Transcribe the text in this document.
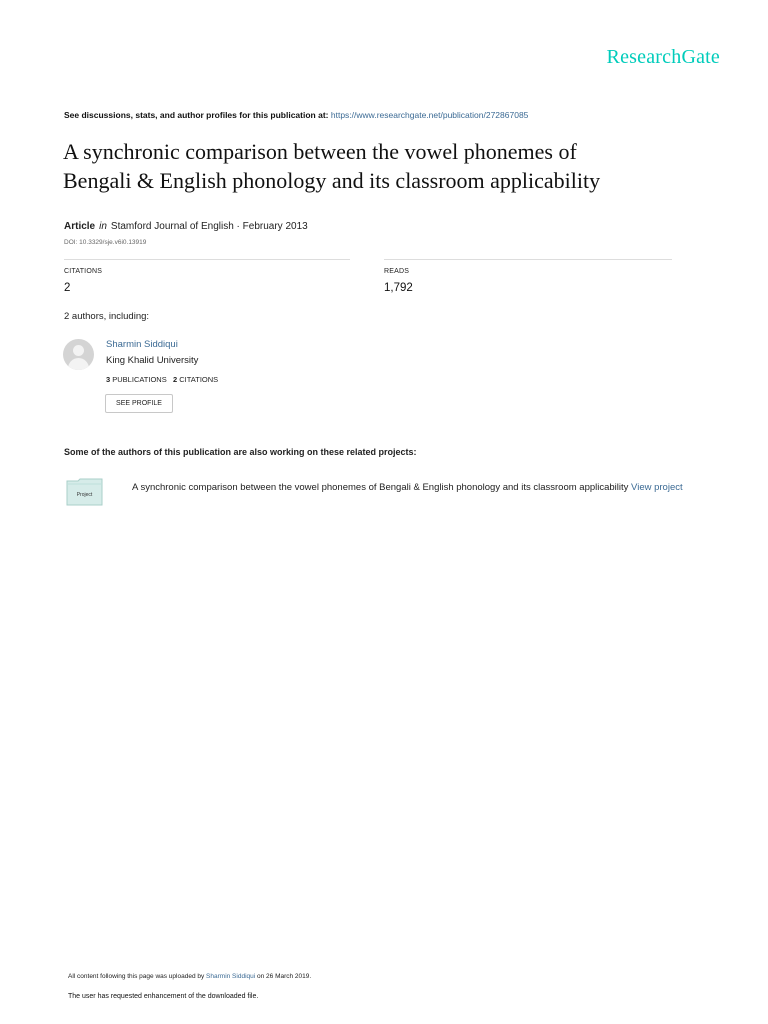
ResearchGate
See discussions, stats, and author profiles for this publication at: https://www.researchgate.net/publication/272867085
A synchronic comparison between the vowel phonemes of
Bengali & English phonology and its classroom applicability
Article in Stamford Journal of English · February 2013
DOI: 10.3329/sje.v6i0.13919
CITATIONS
2
READS
1,792
2 authors, including:
Sharmin Siddiqui
King Khalid University
3 PUBLICATIONS 2 CITATIONS
SEE PROFILE
Some of the authors of this publication are also working on these related projects:
Project
A synchronic comparison between the vowel phonemes of Bengali & English phonology and its classroom applicability View project
All content following this page was uploaded by Sharmin Siddiqui on 26 March 2019.
The user has requested enhancement of the downloaded file.
